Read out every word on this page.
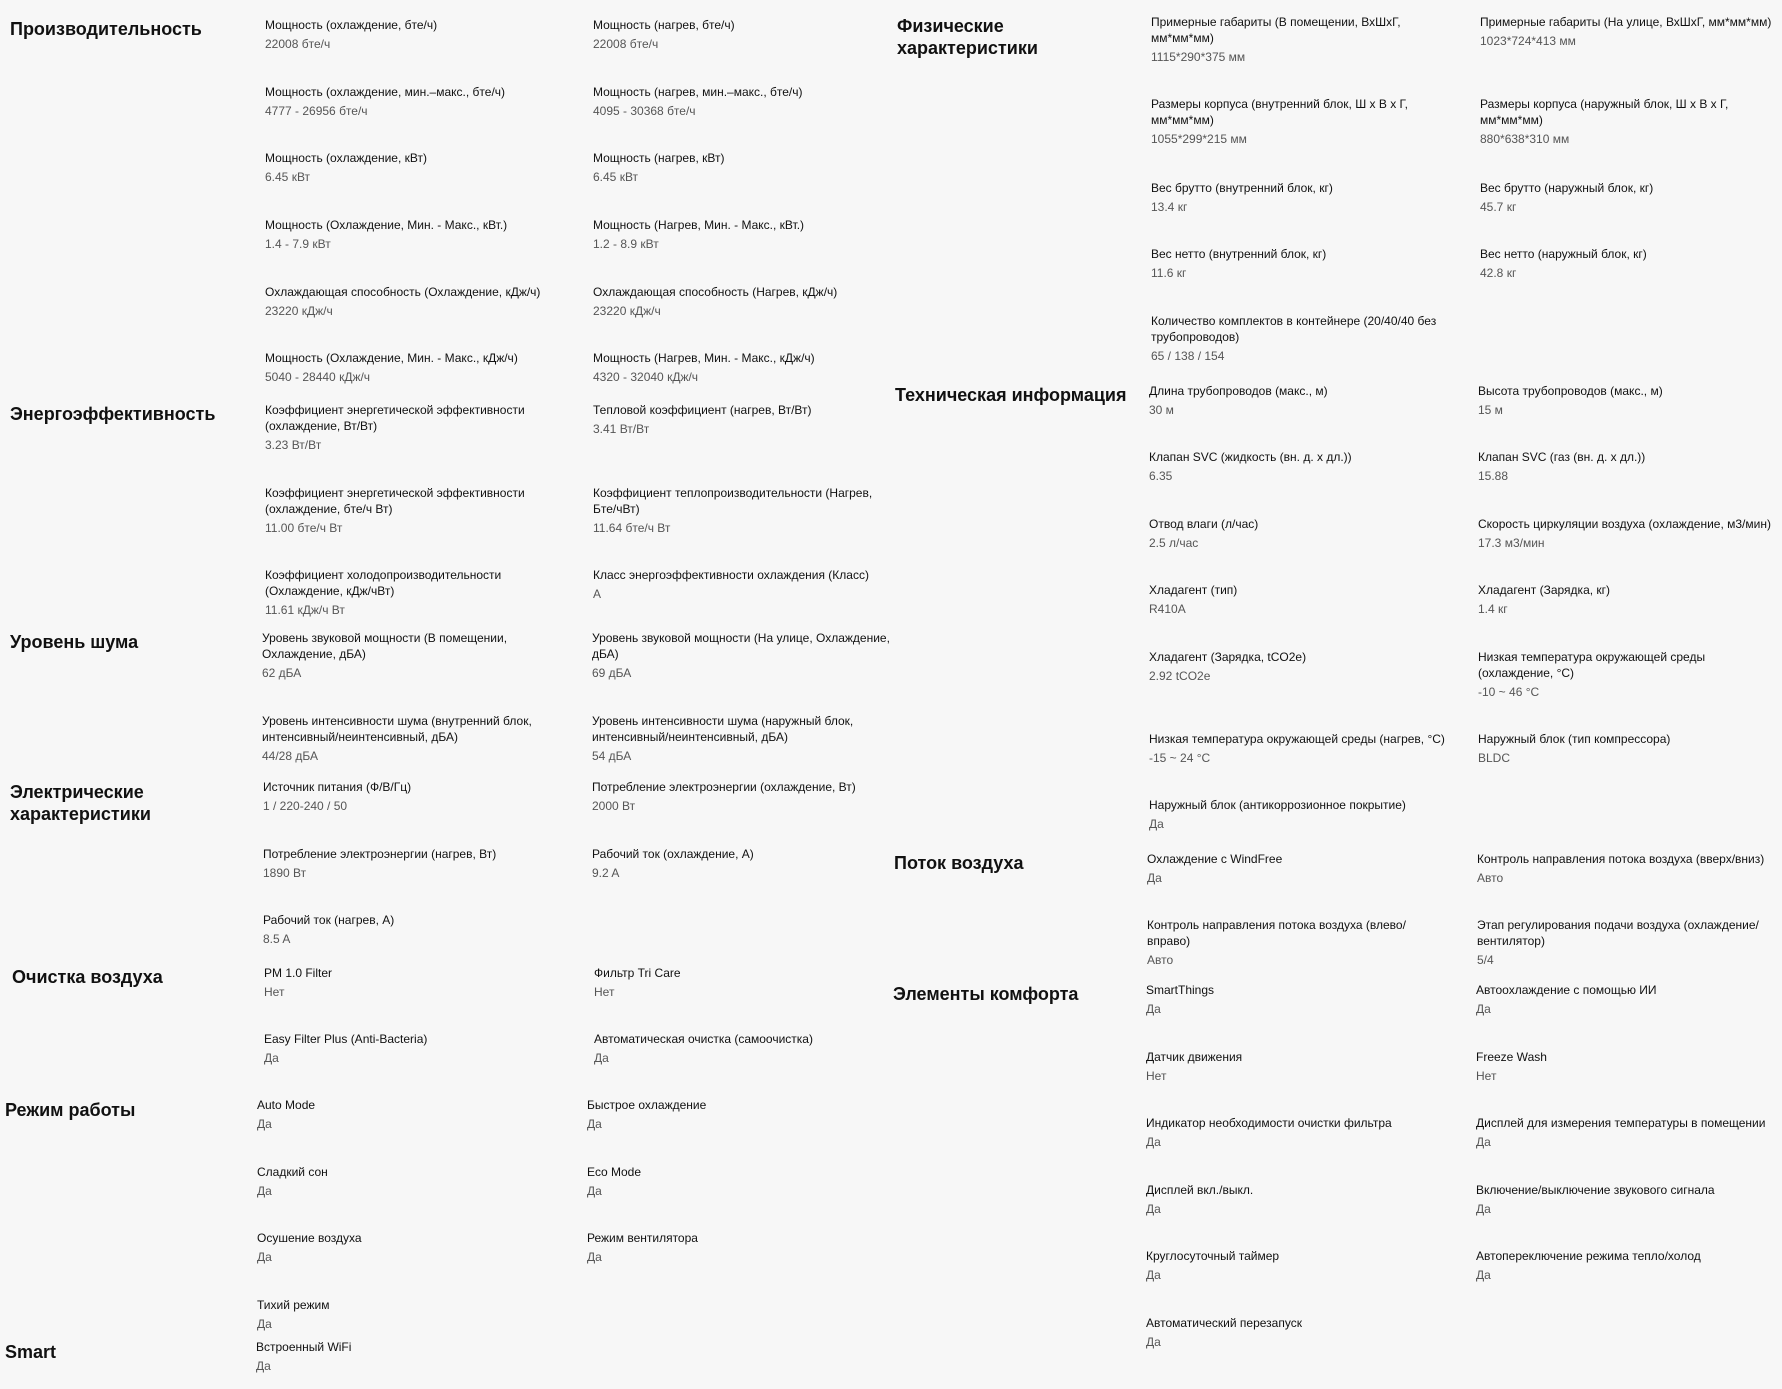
Производительность
Энергоэффективность
Уровень шума
Электрические характеристики
Очистка воздуха
Режим работы
Smart
Физические характеристики
Техническая информация
Поток воздуха
Элементы комфорта
Мощность (охлаждение, бте/ч)
22008 бте/ч
Мощность (нагрев, бте/ч)
22008 бте/ч
Мощность (охлаждение, мин.–макс., бте/ч)
4777 - 26956 бте/ч
Мощность (нагрев, мин.–макс., бте/ч)
4095 - 30368 бте/ч
Мощность (охлаждение, кВт)
6.45 кВт
Мощность (нагрев, кВт)
6.45 кВт
Мощность (Охлаждение, Мин. - Макс., кВт.)
1.4 - 7.9 кВт
Мощность (Нагрев, Мин. - Макс., кВт.)
1.2 - 8.9 кВт
Охлаждающая способность (Охлаждение, кДж/ч)
23220 кДж/ч
Охлаждающая способность (Нагрев, кДж/ч)
23220 кДж/ч
Мощность (Охлаждение, Мин. - Макс., кДж/ч)
5040 - 28440 кДж/ч
Мощность (Нагрев, Мин. - Макс., кДж/ч)
4320 - 32040 кДж/ч
Коэффициент энергетической эффективности (охлаждение, Вт/Вт)
3.23 Вт/Вт
Тепловой коэффициент (нагрев, Вт/Вт)
3.41 Вт/Вт
Коэффициент энергетической эффективности (охлаждение, бте/ч Вт)
11.00 бте/ч Вт
Коэффициент теплопроизводительности (Нагрев, Бте/чВт)
11.64 бте/ч Вт
Коэффициент холодопроизводительности (Охлаждение, кДж/чВт)
11.61 кДж/ч Вт
Класс энергоэффективности охлаждения (Класс)
A
Уровень звуковой мощности (В помещении, Охлаждение, дБА)
62 дБА
Уровень звуковой мощности (На улице, Охлаждение, дБА)
69 дБА
Уровень интенсивности шума (внутренний блок, интенсивный/неинтенсивный, дБА)
44/28 дБА
Уровень интенсивности шума (наружный блок, интенсивный/неинтенсивный, дБА)
54 дБА
Источник питания (Ф/В/Гц)
1 / 220-240 / 50
Потребление электроэнергии (охлаждение, Вт)
2000 Вт
Потребление электроэнергии (нагрев, Вт)
1890 Вт
Рабочий ток (охлаждение, А)
9.2 A
Рабочий ток (нагрев, А)
8.5 A
PM 1.0 Filter
Нет
Фильтр Tri Care
Нет
Easy Filter Plus (Anti-Bacteria)
Да
Автоматическая очистка (самоочистка)
Да
Auto Mode
Да
Быстрое охлаждение
Да
Сладкий сон
Да
Eco Mode
Да
Осушение воздуха
Да
Режим вентилятора
Да
Тихий режим
Да
Встроенный WiFi
Да
Примерные габариты (В помещении, ВхШхГ, мм*мм*мм)
1115*290*375 мм
Примерные габариты (На улице, ВхШхГ, мм*мм*мм)
1023*724*413 мм
Размеры корпуса (внутренний блок, Ш x В x Г, мм*мм*мм)
1055*299*215 мм
Размеры корпуса (наружный блок, Ш x В x Г, мм*мм*мм)
880*638*310 мм
Вес брутто (внутренний блок, кг)
13.4 кг
Вес брутто (наружный блок, кг)
45.7 кг
Вес нетто (внутренний блок, кг)
11.6 кг
Вес нетто (наружный блок, кг)
42.8 кг
Количество комплектов в контейнере (20/40/40 без трубопроводов)
65 / 138 / 154
Длина трубопроводов (макс., м)
30 м
Высота трубопроводов (макс., м)
15 м
Клапан SVC (жидкость (вн. д. x дл.))
6.35
Клапан SVC (газ (вн. д. x дл.))
15.88
Отвод влаги (л/час)
2.5 л/час
Скорость циркуляции воздуха (охлаждение, м3/мин)
17.3 м3/мин
Хладагент (тип)
R410A
Хладагент (Зарядка, кг)
1.4 кг
Хладагент (Зарядка, tCO2e)
2.92 tCO2e
Низкая температура окружающей среды (охлаждение, °C)
-10 ~ 46 °C
Низкая температура окружающей среды (нагрев, °C)
-15 ~ 24 °C
Наружный блок (тип компрессора)
BLDC
Наружный блок (антикоррозионное покрытие)
Да
Охлаждение с WindFree
Да
Контроль направления потока воздуха (вверх/вниз)
Авто
Контроль направления потока воздуха (влево/вправо)
Авто
Этап регулирования подачи воздуха (охлаждение/вентилятор)
5/4
SmartThings
Да
Автоохлаждение с помощью ИИ
Да
Датчик движения
Нет
Freeze Wash
Нет
Индикатор необходимости очистки фильтра
Да
Дисплей для измерения температуры в помещении
Да
Дисплей вкл./выкл.
Да
Включение/выключение звукового сигнала
Да
Круглосуточный таймер
Да
Автопереключение режима тепло/холод
Да
Автоматический перезапуск
Да
